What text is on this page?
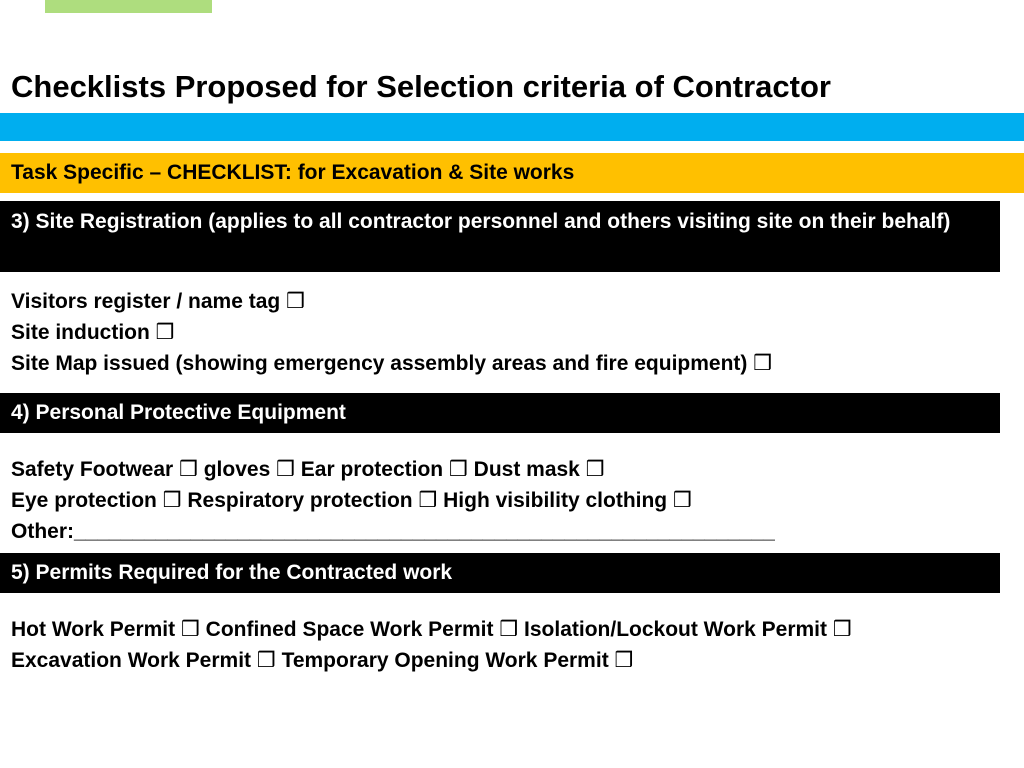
Checklists Proposed for Selection criteria of Contractor
Task Specific – CHECKLIST: for Excavation & Site works
3) Site Registration (applies to all contractor personnel and others visiting site on their behalf)
Visitors register / name tag ❒
Site induction ❒
Site Map issued (showing emergency assembly areas and fire equipment) ❒
4) Personal Protective Equipment
Safety Footwear ❒ gloves ❒ Ear protection ❒ Dust mask ❒
Eye protection ❒ Respiratory protection ❒ High visibility clothing ❒
Other:____________________________________________________________
5) Permits Required for the Contracted work
Hot Work Permit ❒ Confined Space Work Permit ❒ Isolation/Lockout Work Permit ❒
Excavation Work Permit ❒ Temporary Opening Work Permit ❒
